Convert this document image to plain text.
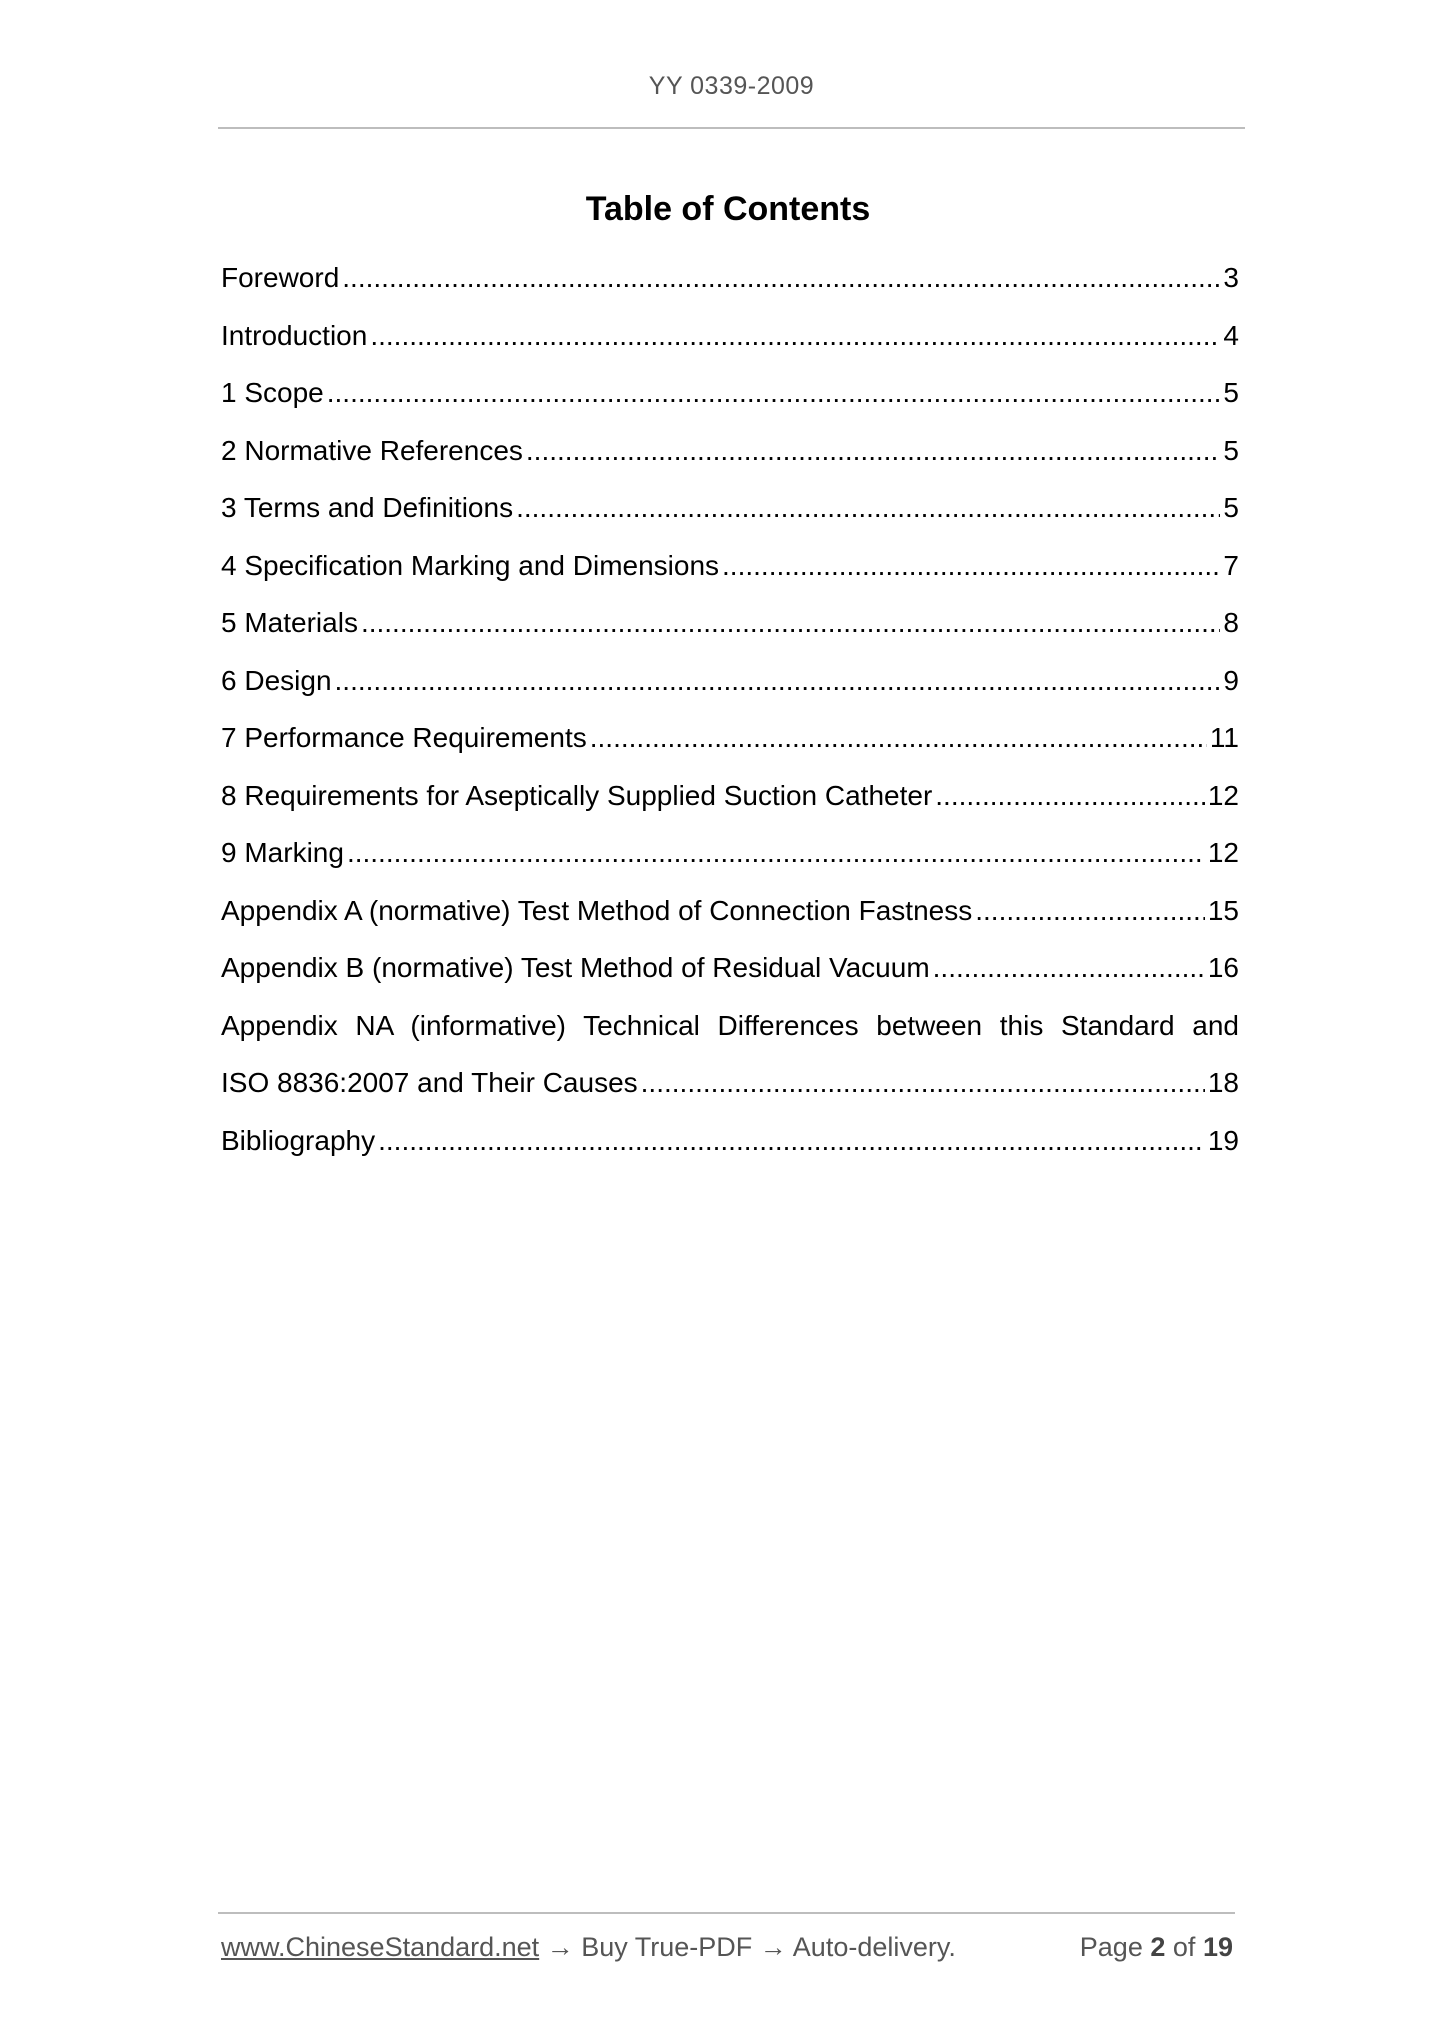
YY 0339-2009
Table of Contents
Foreword .....	3
Introduction .....	4
1 Scope .....	5
2 Normative References .....	5
3 Terms and Definitions .....	5
4 Specification Marking and Dimensions .....	7
5 Materials .....	8
6 Design .....	9
7 Performance Requirements .....	11
8 Requirements for Aseptically Supplied Suction Catheter .....	12
9 Marking .....	12
Appendix A (normative) Test Method of Connection Fastness .....	15
Appendix B (normative) Test Method of Residual Vacuum .....	16
Appendix NA (informative) Technical Differences between this Standard and
ISO 8836:2007 and Their Causes .....	18
Bibliography .....	19
www.ChineseStandard.net → Buy True-PDF → Auto-delivery.	Page 2 of 19
